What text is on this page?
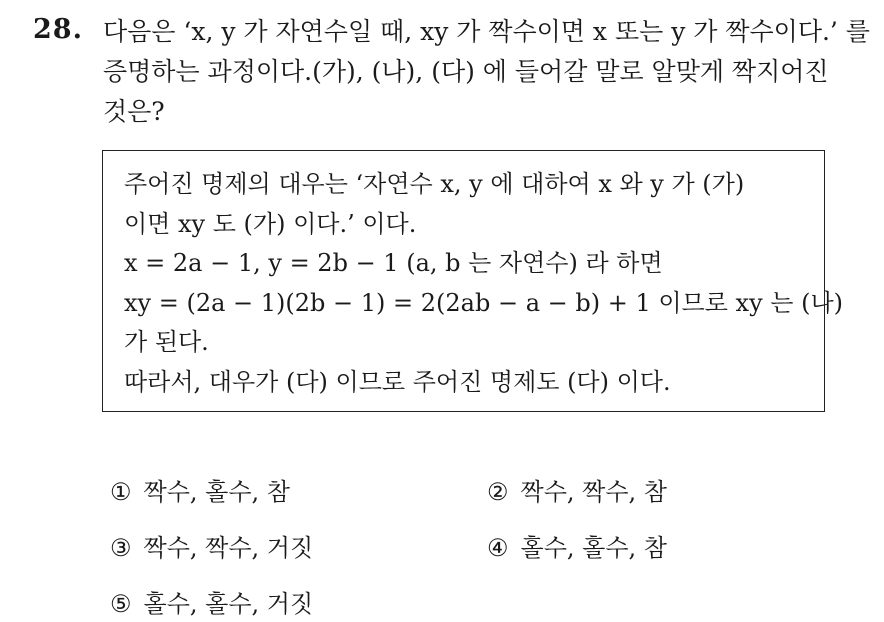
28. 다음은 ‘x, y 가 자연수일 때, xy 가 짝수이면 x 또는 y 가 짝수이다.’ 를
증명하는 과정이다.(가), (나), (다) 에 들어갈 말로 알맞게 짝지어진
것은?
주어진 명제의 대우는 ‘자연수 x, y 에 대하여 x 와 y 가 (가)
이면 xy 도 (가) 이다.’ 이다.
x = 2a − 1, y = 2b − 1 (a, b 는 자연수) 라 하면
xy = (2a − 1)(2b − 1) = 2(2ab − a − b) + 1 이므로 xy 는 (나)
가 된다.
따라서, 대우가 (다) 이므로 주어진 명제도 (다) 이다.
① 짝수, 홀수, 참	② 짝수, 짝수, 참
③ 짝수, 짝수, 거짓	④ 홀수, 홀수, 참
⑤ 홀수, 홀수, 거짓
